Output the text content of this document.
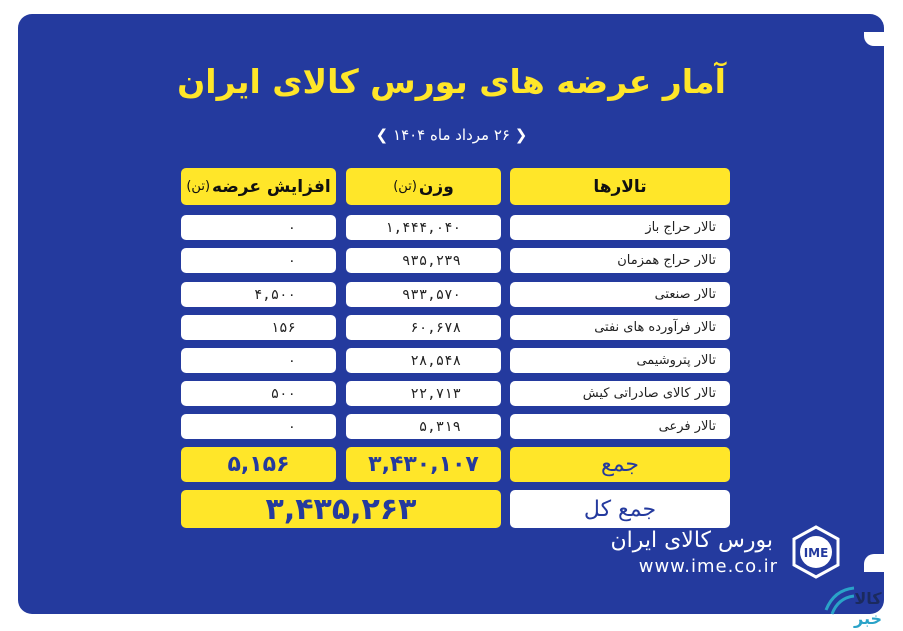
آمار عرضه های بورس کالای ایران
❮ ۲۶ مرداد ماه ۱۴۰۴ ❯
تالارها
وزن
(تن)
افزایش عرضه
(تن)
تالار حراج باز
۱,۴۴۴,۰۴۰
۰
تالار حراج همزمان
۹۳۵,۲۳۹
۰
تالار صنعتی
۹۳۳,۵۷۰
۴,۵۰۰
تالار فرآورده های نفتی
۶۰,۶۷۸
۱۵۶
تالار پتروشیمی
۲۸,۵۴۸
۰
تالار کالای صادراتی کیش
۲۲,۷۱۳
۵۰۰
تالار فرعی
۵,۳۱۹
۰
جمع
۳,۴۳۰,۱۰۷
۵,۱۵۶
جمع کل
۳,۴۳۵,۲۶۳
بورس کالای ایران
www.ime.co.ir
IME
کالا
خبر
